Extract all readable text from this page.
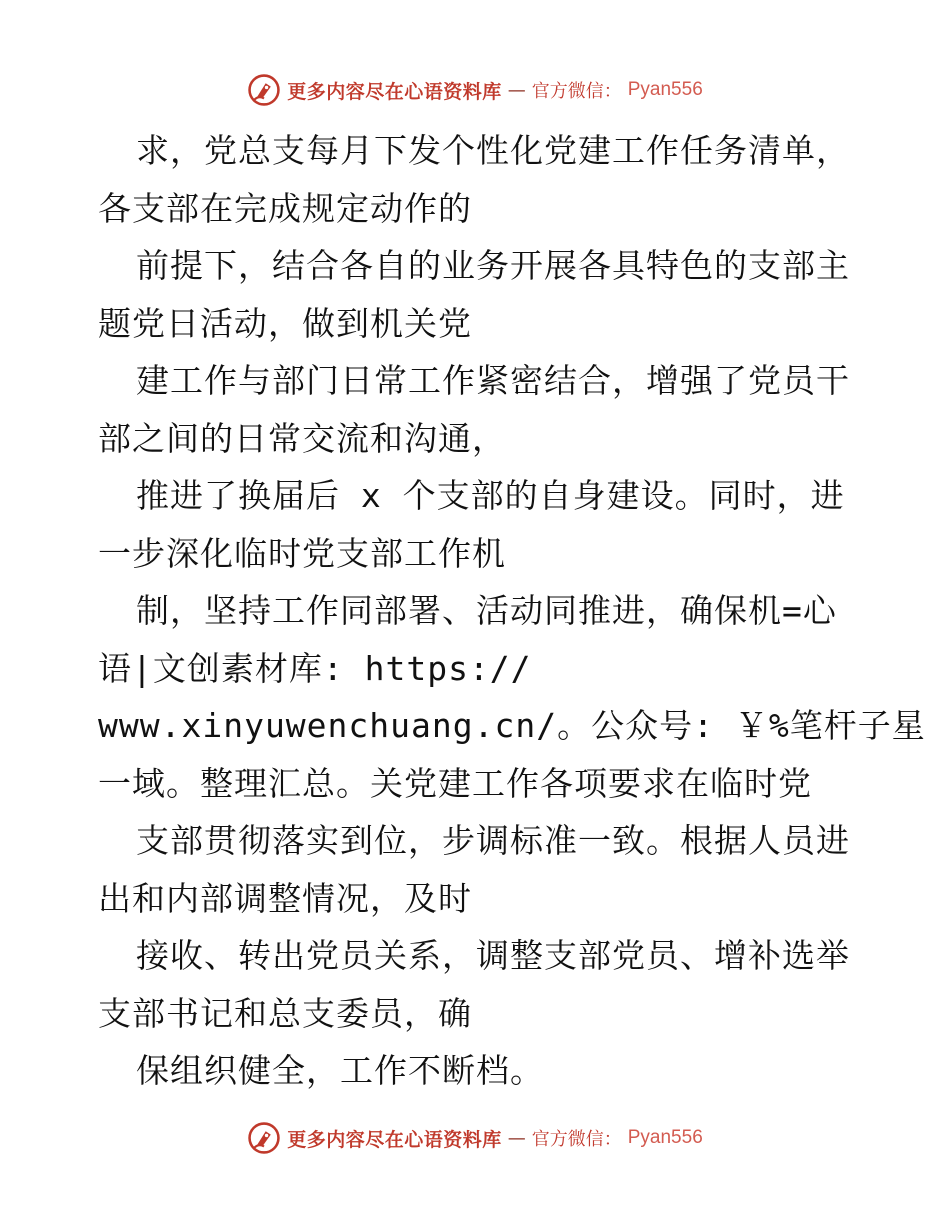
更多内容尽在心语资料库 — 官方微信： Pyan556
求，党总支每月下发个性化党建工作任务清单，
各支部在完成规定动作的
前提下，结合各自的业务开展各具特色的支部主
题党日活动，做到机关党
建工作与部门日常工作紧密结合，增强了党员干
部之间的日常交流和沟通，
推进了换届后 x 个支部的自身建设。同时，进
一步深化临时党支部工作机
制，坚持工作同部署、活动同推进，确保机=心
语|文创素材库: https://
www.xinyuwenchuang.cn/。公众号: ￥%笔杆子星
一域。整理汇总。关党建工作各项要求在临时党
支部贯彻落实到位，步调标准一致。根据人员进
出和内部调整情况，及时
接收、转出党员关系，调整支部党员、增补选举
支部书记和总支委员，确
保组织健全，工作不断档。
更多内容尽在心语资料库 — 官方微信： Pyan556
